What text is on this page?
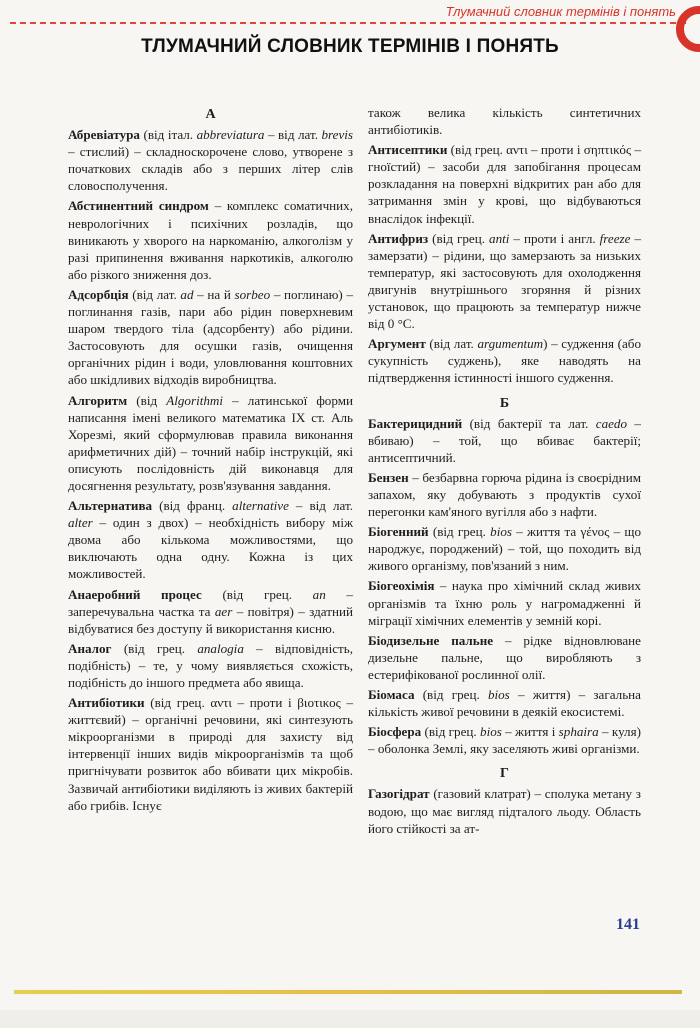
Тлумачний словник термінів і понять
ТЛУМАЧНИЙ СЛОВНИК ТЕРМІНІВ І ПОНЯТЬ
А

Абревіатура (від італ. abbreviatura – від лат. brevis – стислий) – складноскорочене слово, утворене з початкових складів або з перших літер слів словосполучення.

Абстинентний синдром – комплекс соматичних, неврологічних і психічних розладів, що виникають у хворого на наркоманію, алкоголізм у разі припинення вживання наркотиків, алкоголю або різкого зниження доз.

Адсорбція (від лат. ad – на й sorbeo – поглинаю) – поглинання газів, пари або рідин поверхневим шаром твердого тіла (адсорбенту) або рідини. Застосовують для осушки газів, очищення органічних рідин і води, уловлювання коштовних або шкідливих відходів виробництва.

Алгоритм (від Algorithmi – латинської форми написання імені великого математика IX ст. Аль Хорезмі, який сформулював правила виконання арифметичних дій) – точний набір інструкцій, які описують послідовність дій виконавця для досягнення результату, розв'язування завдання.

Альтернатива (від франц. alternative – від лат. alter – один з двох) – необхідність вибору між двома або кількома можливостями, що виключають одна одну. Кожна із цих можливостей.

Анаеробний процес (від грец. an – заперечувальна частка та aer – повітря) – здатний відбуватися без доступу й використання кисню.

Аналог (від грец. analogia – відповідність, подібність) – те, у чому виявляється схожість, подібність до іншого предмета або явища.

Антибіотики (від грец. αντι – проти і βιοτικος – життєвий) – органічні речовини, які синтезують мікроорганізми в природі для захисту від інтервенції інших видів мікроорганізмів та щоб пригнічувати розвиток або вбивати цих мікробів. Зазвичай антибіотики виділяють із живих бактерій або грибів. Існує

також велика кількість синтетичних антибіотиків.

Антисептики (від грец. αντι – проти і σηπτικός – гноїстий) – засоби для запобігання процесам розкладання на поверхні відкритих ран або для затримання змін у крові, що відбуваються внаслідок інфекції.

Антифриз (від грец. anti – проти і англ. freeze – замерзати) – рідини, що замерзають за низьких температур, які застосовують для охолодження двигунів внутрішнього згоряння й різних установок, що працюють за температур нижче від 0 °С.

Аргумент (від лат. argumentum) – судження (або сукупність суджень), яке наводять на підтвердження істинності іншого судження.

Б

Бактерицидний (від бактерії та лат. caedo – вбиваю) – той, що вбиває бактерії; антисептичний.

Бензен – безбарвна горюча рідина із своєрідним запахом, яку добувають з продуктів сухої перегонки кам'яного вугілля або з нафти.

Біогенний (від грец. bios – життя та γένος – що народжує, породжений) – той, що походить від живого організму, пов'язаний з ним.

Біогеохімія – наука про хімічний склад живих організмів та їхню роль у нагромадженні й міграції хімічних елементів у земній корі.

Біодизельне пальне – рідке відновлюване дизельне пальне, що виробляють з естерифікованої рослинної олії.

Біомаса (від грец. bios – життя) – загальна кількість живої речовини в деякій екосистемі.

Біосфера (від грец. bios – життя і sphaira – куля) – оболонка Землі, яку заселяють живі організми.

Г

Газогідрат (газовий клатрат) – сполука метану з водою, що має вигляд підталого льоду. Область його стійкості за ат-

141
